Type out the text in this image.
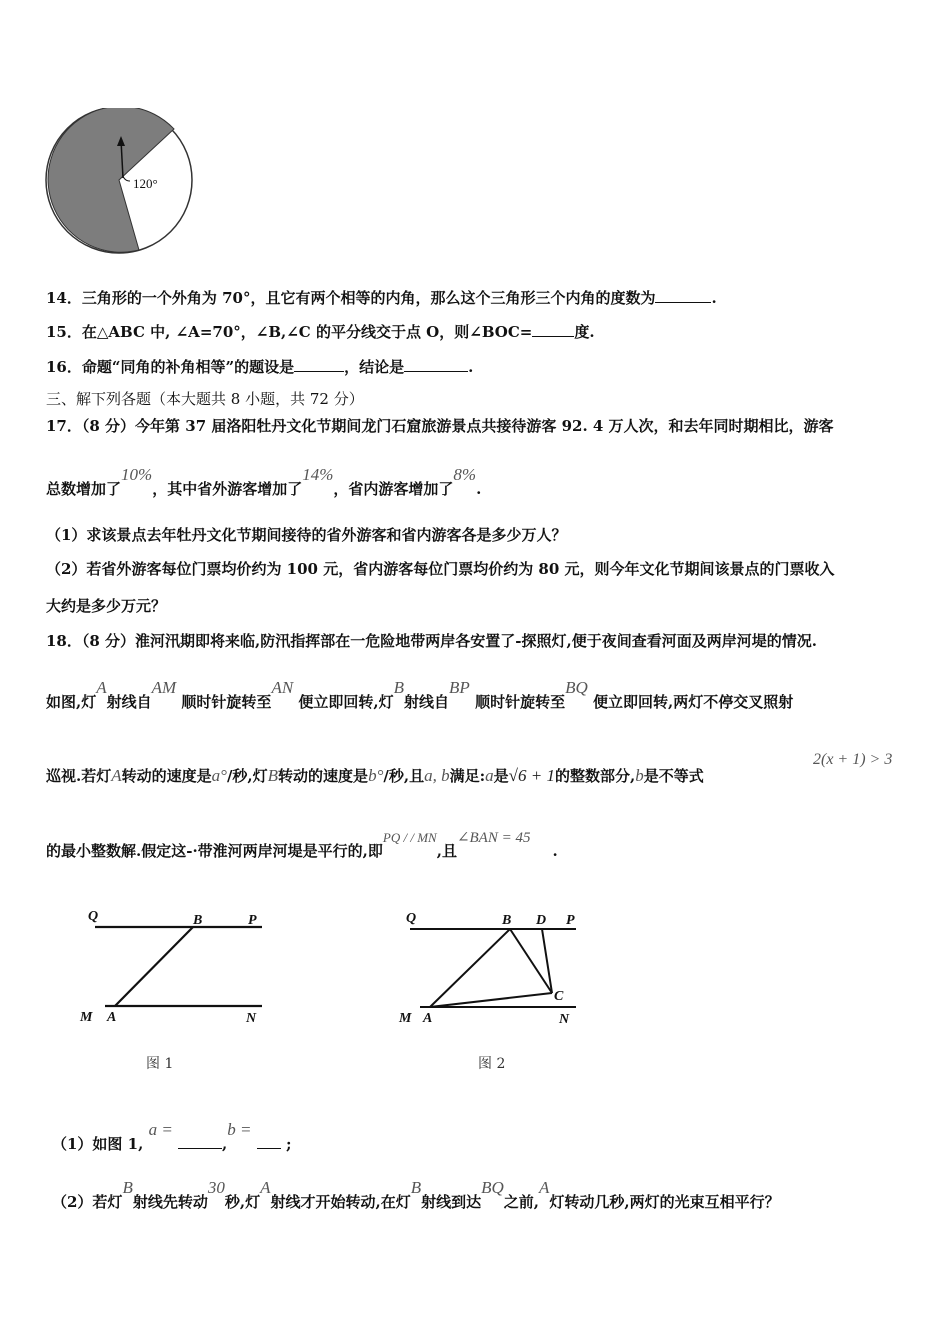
120°
14．三角形的一个外角为 70°，且它有两个相等的内角，那么这个三角形三个内角的度数为	.
15．在△ABC 中, ∠A=70°，∠B,∠C 的平分线交于点 O，则∠BOC=	度.
16．命题“同角的补角相等”的题设是	，结论是	.
三、解下列各题（本大题共 8 小题，共 72 分）
17．（8 分）今年第 37 届洛阳牡丹文化节期间龙门石窟旅游景点共接待游客 92. 4 万人次，和去年同时期相比，游客
总数增加了10%，其中省外游客增加了14%，省内游客增加了8%.
（1）求该景点去年牡丹文化节期间接待的省外游客和省内游客各是多少万人？
（2）若省外游客每位门票均价约为 100 元，省内游客每位门票均价约为 80 元，则今年文化节期间该景点的门票收入
大约是多少万元？
18．（8 分）淮河汛期即将来临,防汛指挥部在一危险地带两岸各安置了-探照灯,便于夜间查看河面及两岸河堤的情况.
如图,灯A射线自AM 顺时针旋转至AN 便立即回转,灯B射线自BP 顺时针旋转至BQ 便立即回转,两灯不停交叉照射
巡视.若灯A转动的速度是a°/秒,灯B转动的速度是b°/秒,且a, b满足:a是√6 + 1的整数部分,b是不等式
2(x + 1) > 3
的最小整数解.假定这-·带淮河两岸河堤是平行的,即PQ / / MN,且∠BAN = 45.
Q	B	P
M A	N
图 1
Q	B D P
C
M A	N
图 2
（1）如图 1, a = ,b =  ;
（2）若灯B射线先转动30秒,灯A射线才开始转动,在灯B射线到达BQ之前,A灯转动几秒,两灯的光束互相平行？
